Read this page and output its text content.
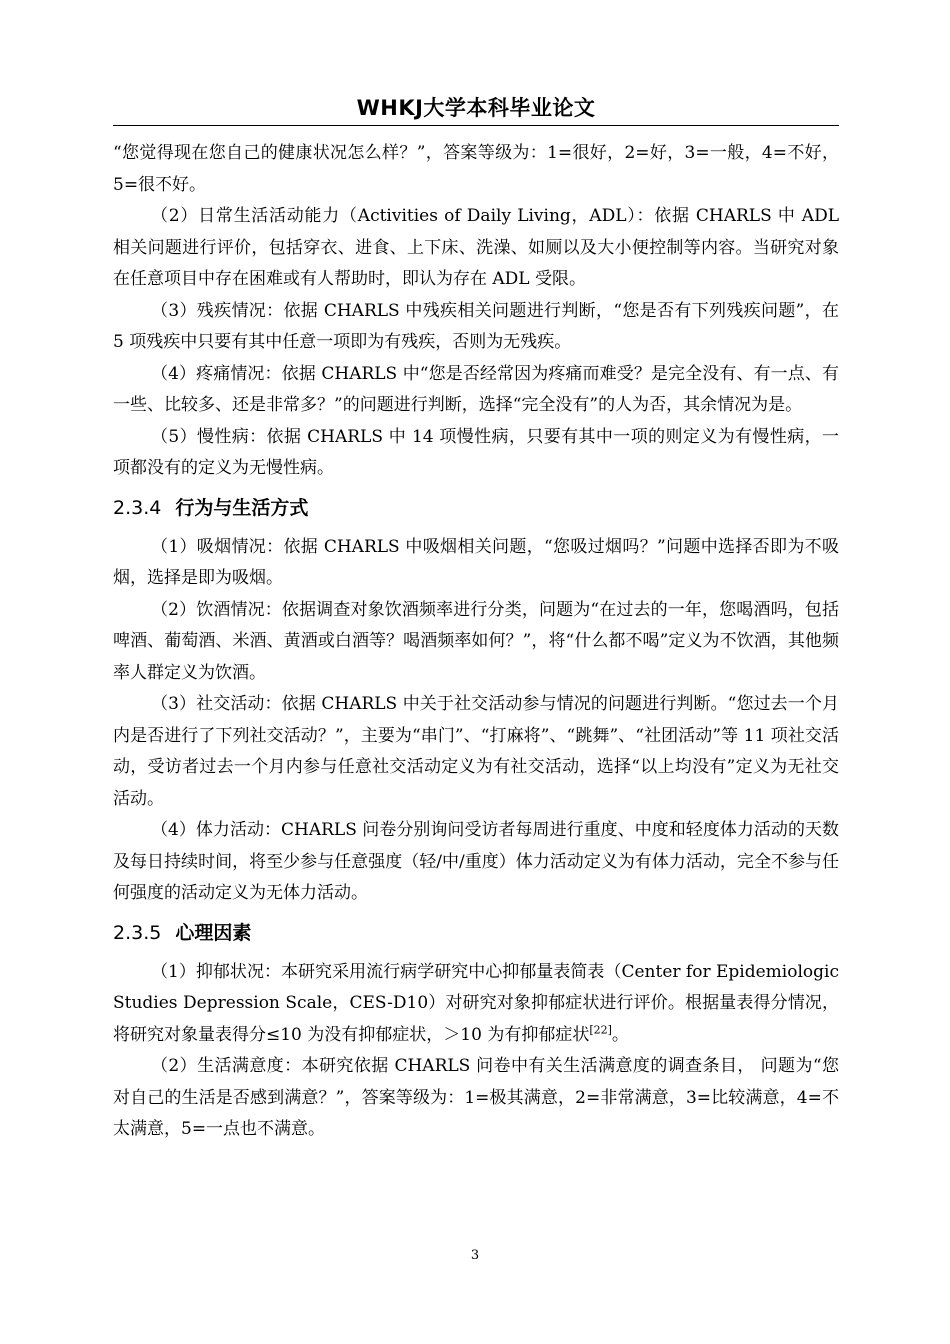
WHKJ大学本科毕业论文

“您觉得现在您自己的健康状况怎么样？”，答案等级为：1=很好，2=好，3=一般，4=不好，5=很不好。

（2）日常生活活动能力（Activities of Daily Living，ADL）：依据 CHARLS 中 ADL 相关问题进行评价，包括穿衣、进食、上下床、洗澡、如厕以及大小便控制等内容。当研究对象在任意项目中存在困难或有人帮助时，即认为存在 ADL 受限。

（3）残疾情况：依据 CHARLS 中残疾相关问题进行判断，“您是否有下列残疾问题”，在 5 项残疾中只要有其中任意一项即为有残疾，否则为无残疾。

（4）疼痛情况：依据 CHARLS 中“您是否经常因为疼痛而难受？是完全没有、有一点、有一些、比较多、还是非常多？”的问题进行判断，选择“完全没有”的人为否，其余情况为是。

（5）慢性病：依据 CHARLS 中 14 项慢性病，只要有其中一项的则定义为有慢性病，一项都没有的定义为无慢性病。

2.3.4 行为与生活方式

（1）吸烟情况：依据 CHARLS 中吸烟相关问题，“您吸过烟吗？”问题中选择否即为不吸烟，选择是即为吸烟。

（2）饮酒情况：依据调查对象饮酒频率进行分类，问题为“在过去的一年，您喝酒吗，包括啤酒、葡萄酒、米酒、黄酒或白酒等？喝酒频率如何？”，将“什么都不喝”定义为不饮酒，其他频率人群定义为饮酒。

（3）社交活动：依据 CHARLS 中关于社交活动参与情况的问题进行判断。“您过去一个月内是否进行了下列社交活动？”，主要为“串门”、“打麻将”、“跳舞”、“社团活动”等 11 项社交活动，受访者过去一个月内参与任意社交活动定义为有社交活动，选择“以上均没有”定义为无社交活动。

（4）体力活动：CHARLS 问卷分别询问受访者每周进行重度、中度和轻度体力活动的天数及每日持续时间，将至少参与任意强度（轻/中/重度）体力活动定义为有体力活动，完全不参与任何强度的活动定义为无体力活动。

2.3.5 心理因素

（1）抑郁状况：本研究采用流行病学研究中心抑郁量表简表（Center for Epidemiologic Studies Depression Scale，CES-D10）对研究对象抑郁症状进行评价。根据量表得分情况，将研究对象量表得分≤10 为没有抑郁症状，＞10 为有抑郁症状[22]。

（2）生活满意度：本研究依据 CHARLS 问卷中有关生活满意度的调查条目， 问题为“您对自己的生活是否感到满意？”，答案等级为：1=极其满意，2=非常满意，3=比较满意，4=不太满意，5=一点也不满意。

3
